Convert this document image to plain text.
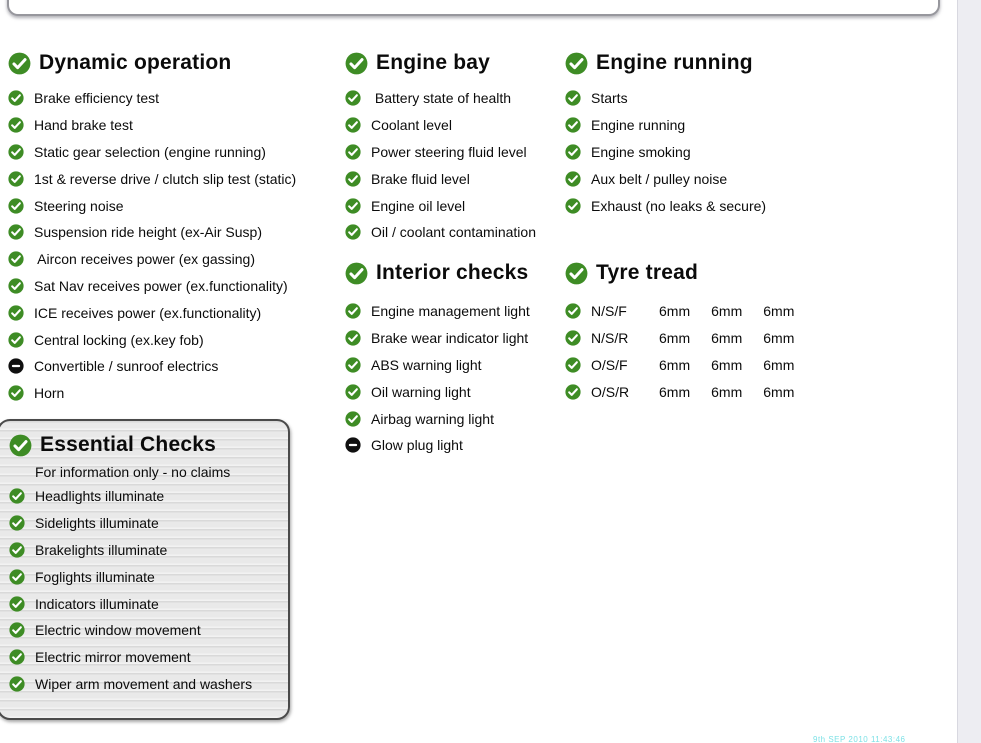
Dynamic operation
Brake efficiency test
Hand brake test
Static gear selection (engine running)
1st & reverse drive / clutch slip test (static)
Steering noise
Suspension ride height (ex-Air Susp)
Aircon receives power (ex gassing)
Sat Nav receives power (ex.functionality)
ICE receives power (ex.functionality)
Central locking (ex.key fob)
Convertible / sunroof electrics
Horn
Engine bay
Battery state of health
Coolant level
Power steering fluid level
Brake fluid level
Engine oil level
Oil / coolant contamination
Engine running
Starts
Engine running
Engine smoking
Aux belt / pulley noise
Exhaust (no leaks & secure)
Interior checks
Engine management light
Brake wear indicator light
ABS warning light
Oil warning light
Airbag warning light
Glow plug light
Tyre tread
N/S/F	6mm 6mm 6mm
N/S/R	6mm 6mm 6mm
O/S/F	6mm 6mm 6mm
O/S/R	6mm 6mm 6mm
Essential Checks
For information only - no claims
Headlights illuminate
Sidelights illuminate
Brakelights illuminate
Foglights illuminate
Indicators illuminate
Electric window movement
Electric mirror movement
Wiper arm movement and washers
9th SEP 2010 11:43:46
